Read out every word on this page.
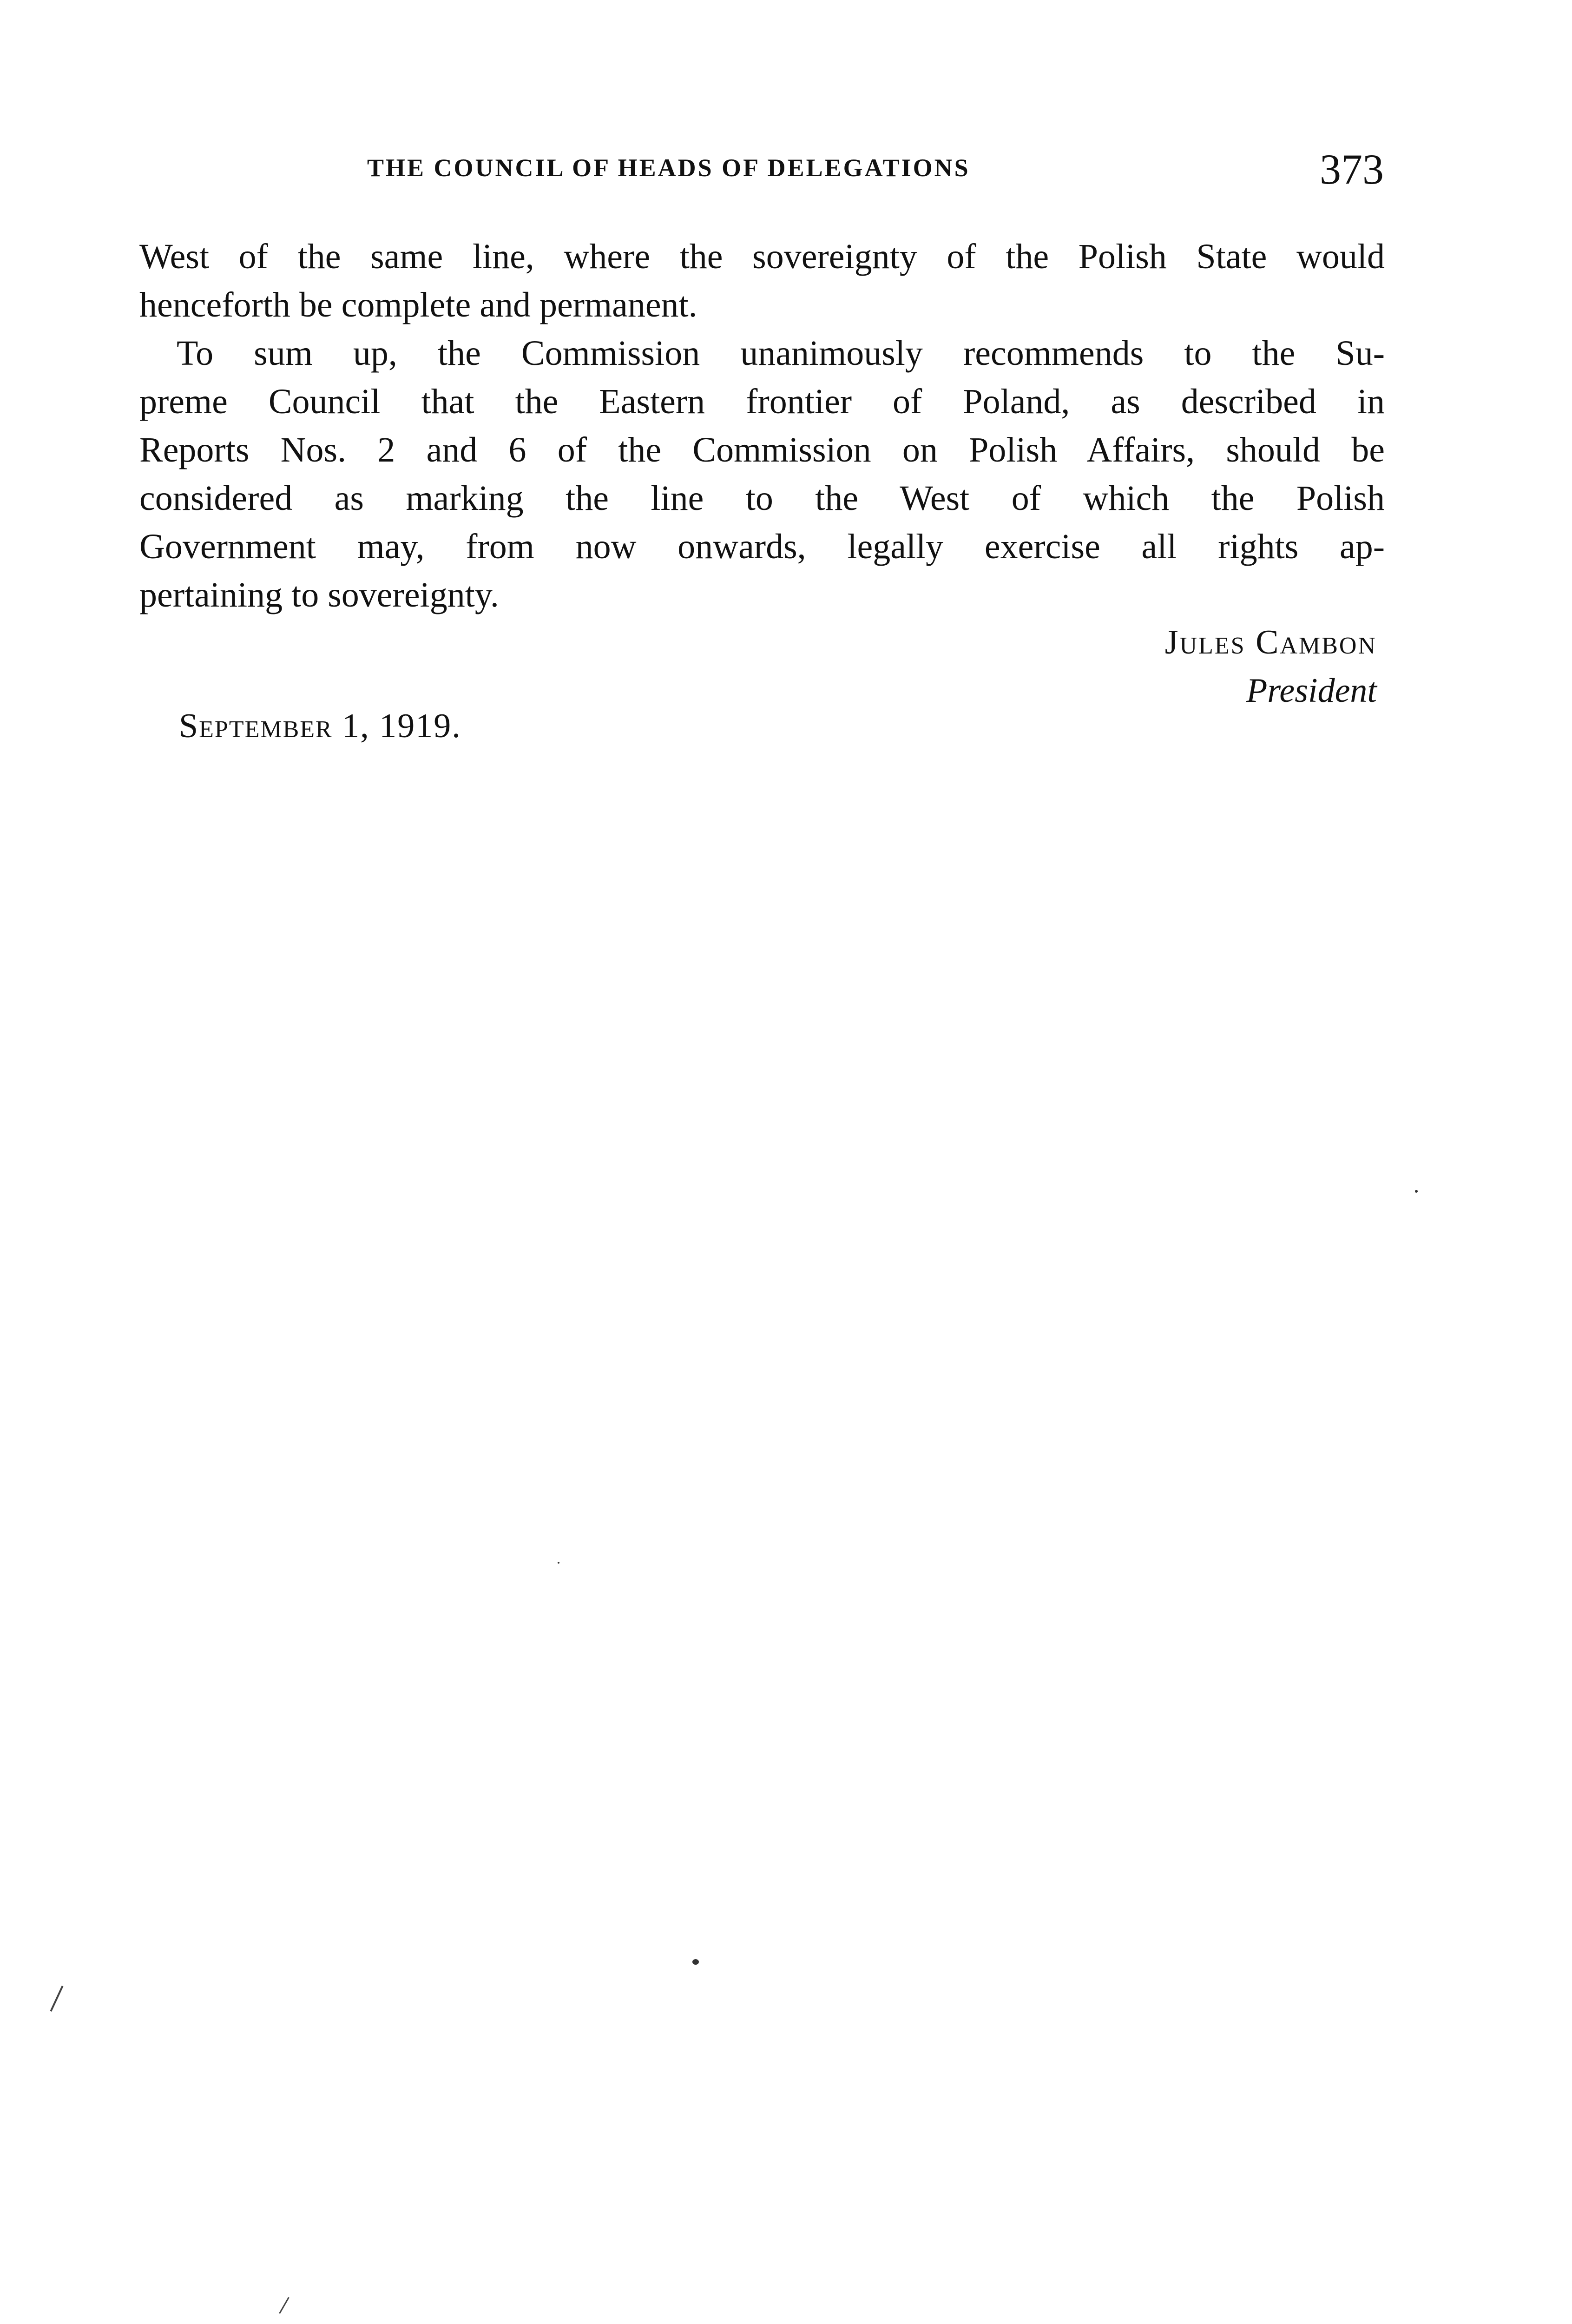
THE COUNCIL OF HEADS OF DELEGATIONS	373
West of the same line, where the sovereignty of the Polish State would
henceforth be complete and permanent.
To sum up, the Commission unanimously recommends to the Su-
preme Council that the Eastern frontier of Poland, as described in
Reports Nos. 2 and 6 of the Commission on Polish Affairs, should be
considered as marking the line to the West of which the Polish
Government may, from now onwards, legally exercise all rights ap-
pertaining to sovereignty.
Jules Cambon
President
September 1, 1919.
